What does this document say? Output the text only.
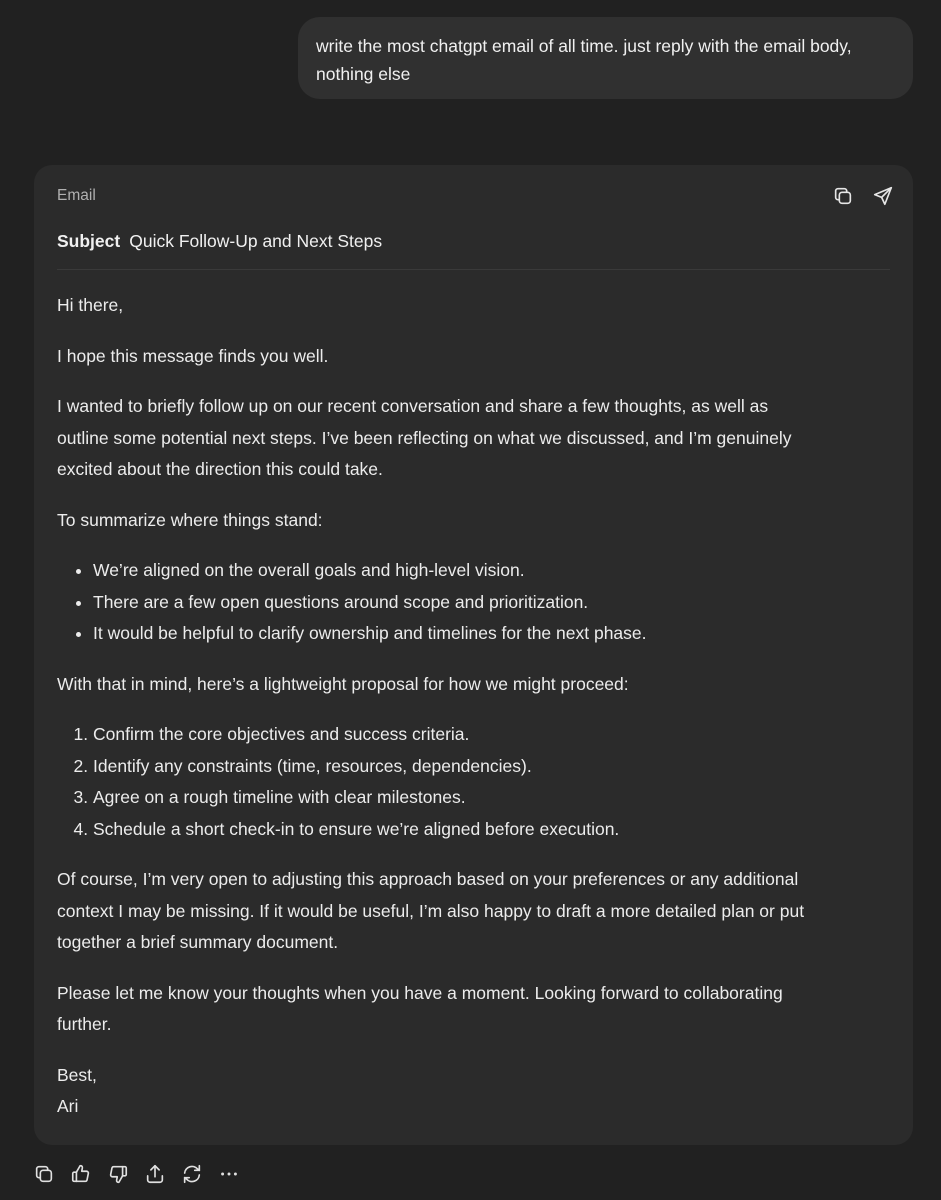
write the most chatgpt email of all time. just reply with the email body,
nothing else
Email
Subject Quick Follow-Up and Next Steps

Hi there,

I hope this message finds you well.

I wanted to briefly follow up on our recent conversation and share a few thoughts, as well as
outline some potential next steps. I’ve been reflecting on what we discussed, and I’m genuinely
excited about the direction this could take.

To summarize where things stand:

• We’re aligned on the overall goals and high-level vision.
• There are a few open questions around scope and prioritization.
• It would be helpful to clarify ownership and timelines for the next phase.

With that in mind, here’s a lightweight proposal for how we might proceed:

1. Confirm the core objectives and success criteria.
2. Identify any constraints (time, resources, dependencies).
3. Agree on a rough timeline with clear milestones.
4. Schedule a short check-in to ensure we’re aligned before execution.

Of course, I’m very open to adjusting this approach based on your preferences or any additional
context I may be missing. If it would be useful, I’m also happy to draft a more detailed plan or put
together a brief summary document.

Please let me know your thoughts when you have a moment. Looking forward to collaborating
further.

Best,
Ari
